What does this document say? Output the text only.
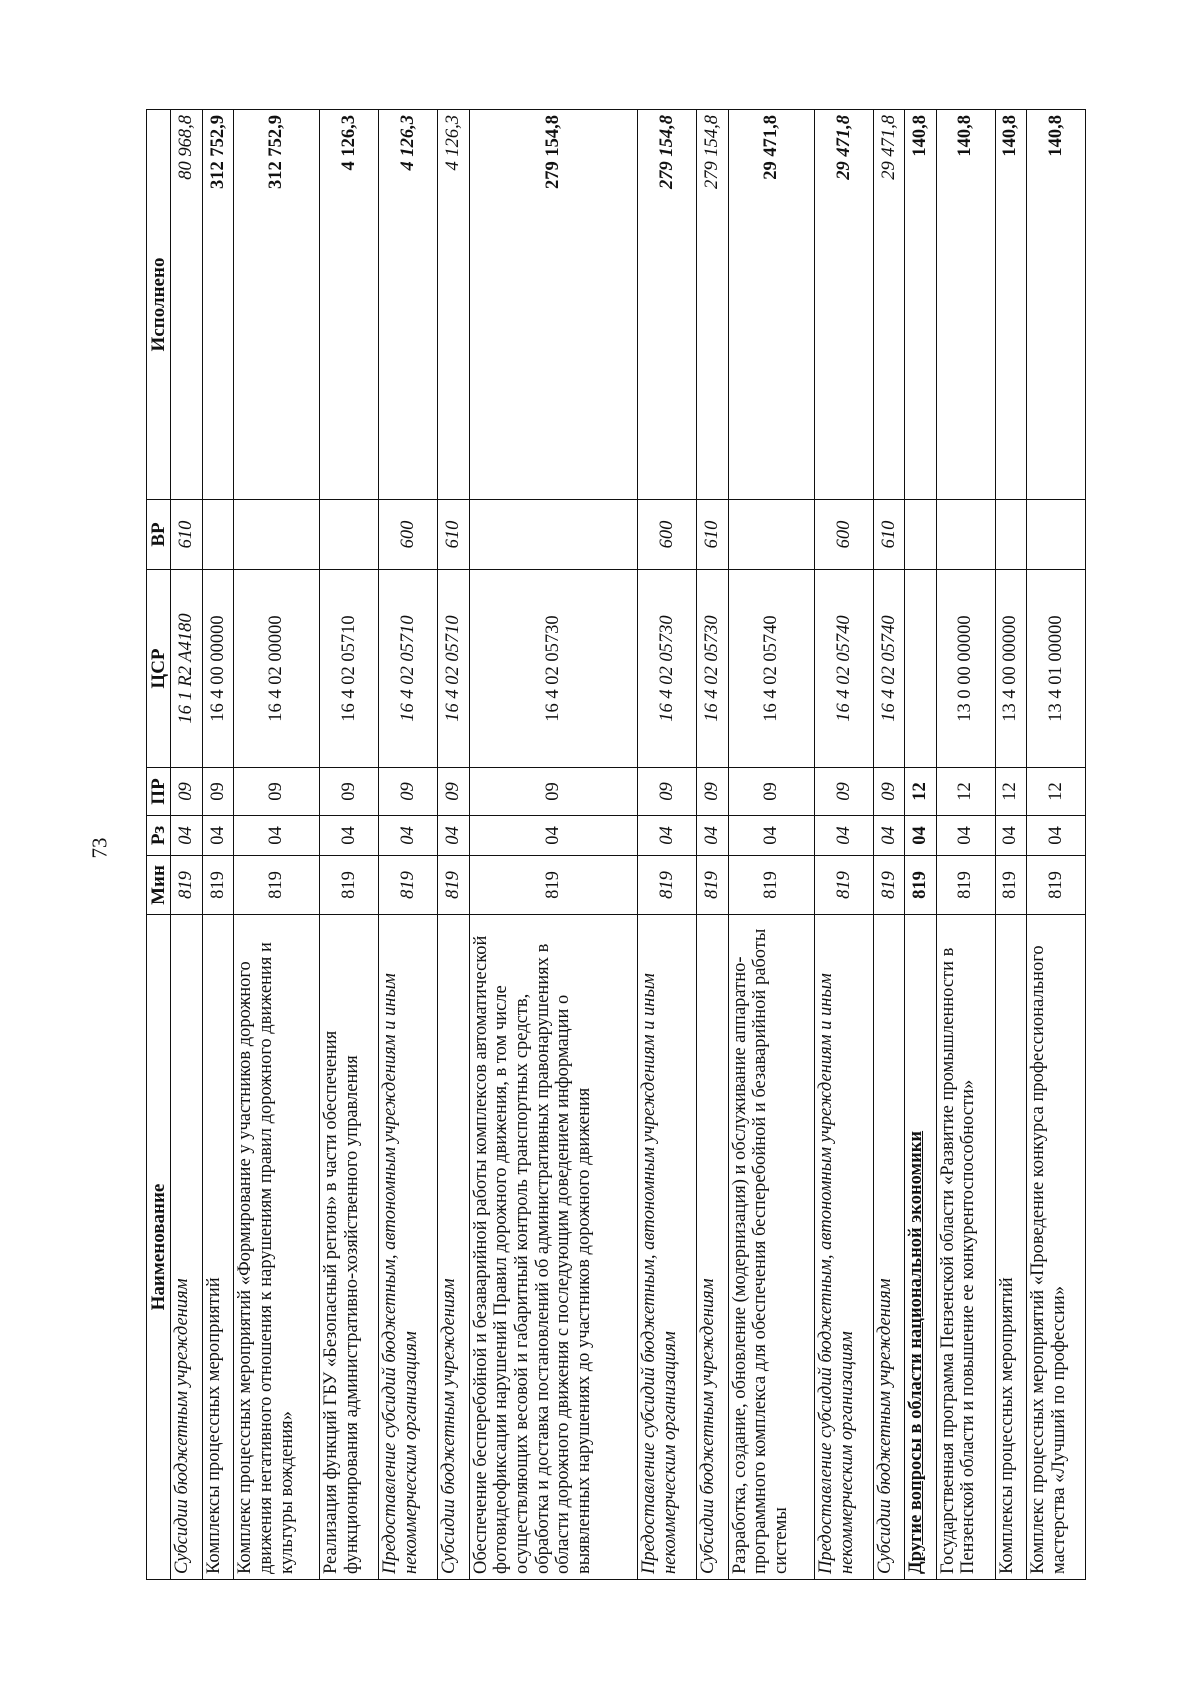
73
Наименование	Мин	Рз	ПР	ЦСР	ВР	Исполнено
Субсидии бюджетным учреждениям	819	04	09	16 1 R2 A4180	610	80 968,8
Комплексы процессных мероприятий	819	04	09	16 4 00 00000		312 752,9
Комплекс процессных мероприятий «Формирование у участников дорожного движения негативного отношения к нарушениям правил дорожного движения и культуры вождения»	819	04	09	16 4 02 00000		312 752,9
Реализация функций ГБУ «Безопасный регион» в части обеспечения функционирования административно-хозяйственного управления	819	04	09	16 4 02 05710		4 126,3
Предоставление субсидий бюджетным, автономным учреждениям и иным некоммерческим организациям	819	04	09	16 4 02 05710	600	4 126,3
Субсидии бюджетным учреждениям	819	04	09	16 4 02 05710	610	4 126,3
Обеспечение бесперебойной и безаварийной работы комплексов автоматической фотовидеофиксации нарушений Правил дорожного движения, в том числе осуществляющих весовой и габаритный контроль транспортных средств, обработка и доставка постановлений об административных правонарушениях в области дорожного движения с последующим доведением информации о выявленных нарушениях до участников дорожного движения	819	04	09	16 4 02 05730		279 154,8
Предоставление субсидий бюджетным, автономным учреждениям и иным некоммерческим организациям	819	04	09	16 4 02 05730	600	279 154,8
Субсидии бюджетным учреждениям	819	04	09	16 4 02 05730	610	279 154,8
Разработка, создание, обновление (модернизация) и обслуживание аппаратно-программного комплекса для обеспечения бесперебойной и безаварийной работы системы	819	04	09	16 4 02 05740		29 471,8
Предоставление субсидий бюджетным, автономным учреждениям и иным некоммерческим организациям	819	04	09	16 4 02 05740	600	29 471,8
Субсидии бюджетным учреждениям	819	04	09	16 4 02 05740	610	29 471,8
Другие вопросы в области национальной экономики	819	04	12			140,8
Государственная программа Пензенской области «Развитие промышленности в Пензенской области и повышение ее конкурентоспособности»	819	04	12	13 0 00 00000		140,8
Комплексы процессных мероприятий	819	04	12	13 4 00 00000		140,8
Комплекс процессных мероприятий «Проведение конкурса профессионального мастерства «Лучший по профессии»	819	04	12	13 4 01 00000		140,8
